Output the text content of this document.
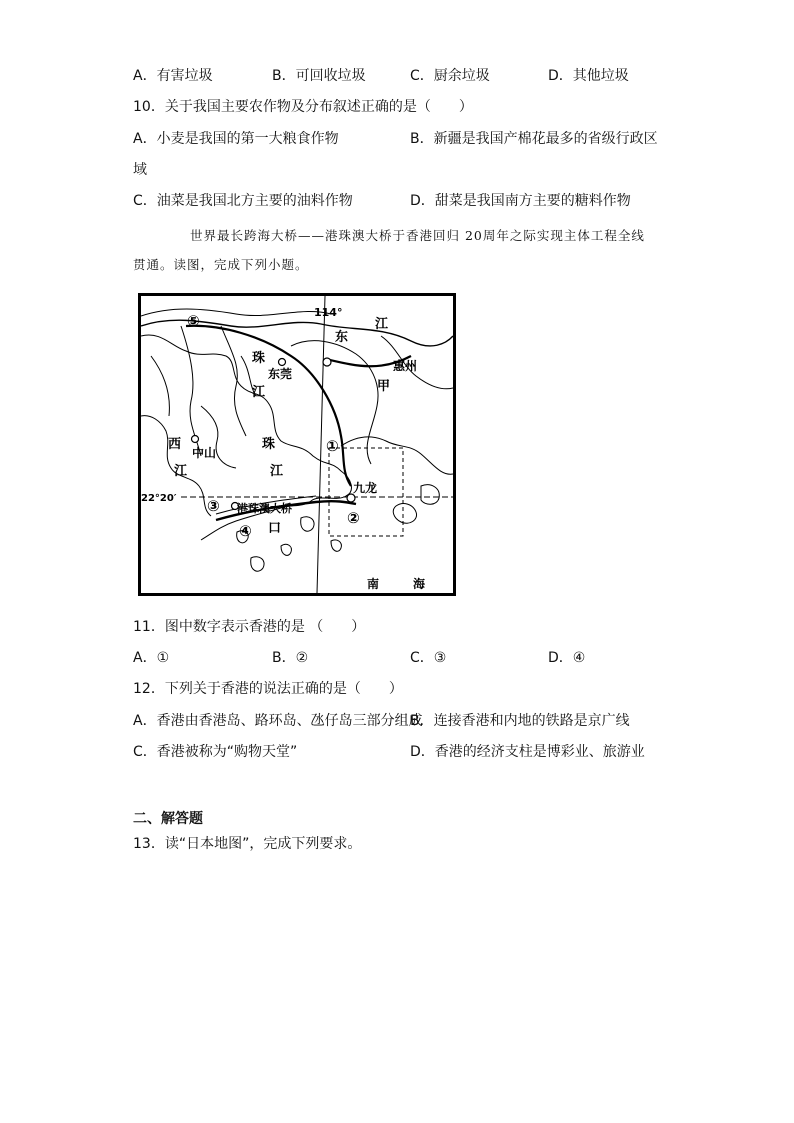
A．有害垃圾	B．可回收垃圾	C．厨余垃圾	D．其他垃圾
10．关于我国主要农作物及分布叙述正确的是（　　）
A．小麦是我国的第一大粮食作物	B．新疆是我国产棉花最多的省级行政区
域
C．油菜是我国北方主要的油料作物	D．甜菜是我国南方主要的糖料作物
世界最长跨海大桥——港珠澳大桥于香港回归 20周年之际实现主体工程全线
贯通。读图，完成下列小题。
114°
22°20′
东
江
惠州
甲
珠
江
东莞
西
中山
江
珠
江
口
港珠澳大桥
九龙
南	海
①
②
③
④
⑤
11．图中数字表示香港的是 （　　）
A．①	B．②	C．③	D．④
12．下列关于香港的说法正确的是（　　）
A．香港由香港岛、路环岛、氹仔岛三部分组成
B．连接香港和内地的铁路是京广线
C．香港被称为“购物天堂”	D．香港的经济支柱是博彩业、旅游业
二、解答题
13．读“日本地图”，完成下列要求。
